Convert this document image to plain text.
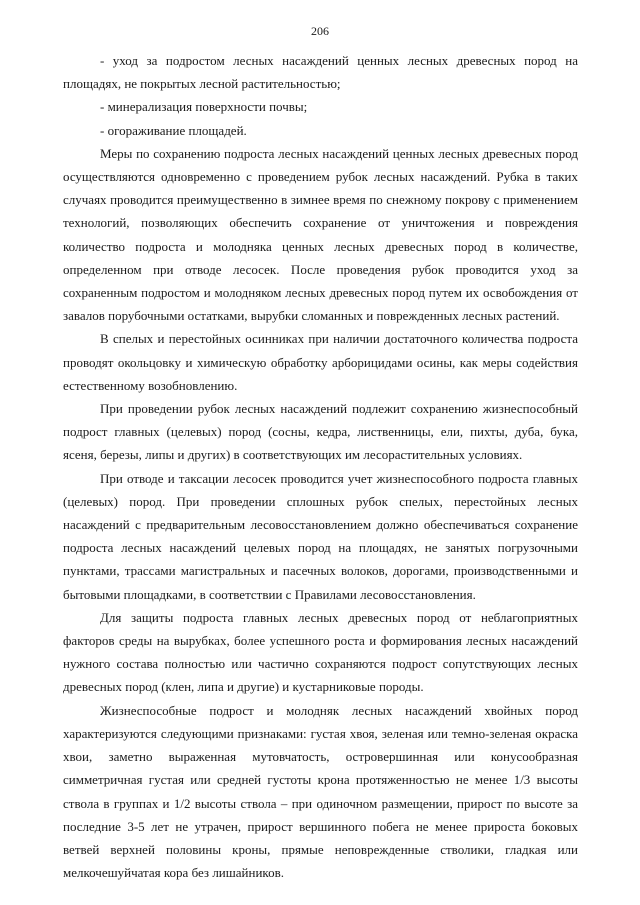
206

- уход за подростом лесных насаждений ценных лесных древесных пород на площадях, не покрытых лесной растительностью;

- минерализация поверхности почвы;

- огораживание площадей.

Меры по сохранению подроста лесных насаждений ценных лесных древесных пород осуществляются одновременно с проведением рубок лесных насаждений. Рубка в таких случаях проводится преимущественно в зимнее время по снежному покрову с применением технологий, позволяющих обеспечить сохранение от уничтожения и повреждения количество подроста и молодняка ценных лесных древесных пород в количестве, определенном при отводе лесосек. После проведения рубок проводится уход за сохраненным подростом и молодняком лесных древесных пород путем их освобождения от завалов порубочными остатками, вырубки сломанных и поврежденных лесных растений.

В спелых и перестойных осинниках при наличии достаточного количества подроста проводят окольцовку и химическую обработку арборицидами осины, как меры содействия естественному возобновлению.

При проведении рубок лесных насаждений подлежит сохранению жизнеспособный подрост главных (целевых) пород (сосны, кедра, лиственницы, ели, пихты, дуба, бука, ясеня, березы, липы и других) в соответствующих им лесорастительных условиях.

При отводе и таксации лесосек проводится учет жизнеспособного подроста главных (целевых) пород. При проведении сплошных рубок спелых, перестойных лесных насаждений с предварительным лесовосстановлением должно обеспечиваться сохранение подроста лесных насаждений целевых пород на площадях, не занятых погрузочными пунктами, трассами магистральных и пасечных волоков, дорогами, производственными и бытовыми площадками, в соответствии с Правилами лесовосстановления.

Для защиты подроста главных лесных древесных пород от неблагоприятных факторов среды на вырубках, более успешного роста и формирования лесных насаждений нужного состава полностью или частично сохраняются подрост сопутствующих лесных древесных пород (клен, липа и другие) и кустарниковые породы.

Жизнеспособные подрост и молодняк лесных насаждений хвойных пород характеризуются следующими признаками: густая хвоя, зеленая или темно-зеленая окраска хвои, заметно выраженная мутовчатость, островершинная или конусообразная симметричная густая или средней густоты крона протяженностью не менее 1/3 высоты ствола в группах и 1/2 высоты ствола – при одиночном размещении, прирост по высоте за последние 3-5 лет не утрачен, прирост вершинного побега не менее прироста боковых ветвей верхней половины кроны, прямые неповрежденные стволики, гладкая или мелкочешуйчатая кора без лишайников.
